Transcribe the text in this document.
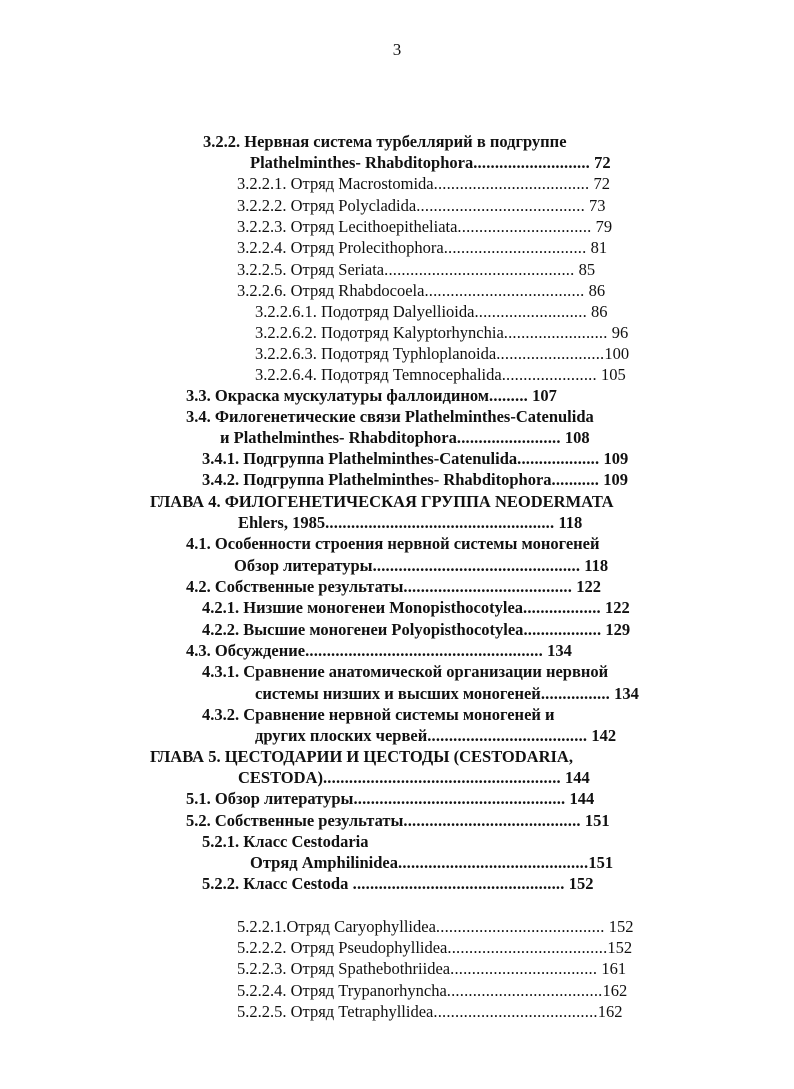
3
3.2.2. Нервная система турбеллярий в подгруппе
Plathelminthes- Rhabditophora........................... 72
3.2.2.1. Отряд Macrostomida.................................... 72
3.2.2.2. Отряд Polycladida....................................... 73
3.2.2.3. Отряд Lecithoepitheliata............................... 79
3.2.2.4. Отряд Prolecithophora................................. 81
3.2.2.5. Отряд Seriata............................................ 85
3.2.2.6. Отряд Rhabdocoela..................................... 86
3.2.2.6.1. Подотряд Dalyellioida.......................... 86
3.2.2.6.2. Подотряд Kalyptorhynchia........................ 96
3.2.2.6.3. Подотряд Typhloplanoida.........................100
3.2.2.6.4. Подотряд Temnocephalida...................... 105
3.3. Окраска мускулатуры фаллоидином......... 107
3.4. Филогенетические связи Plathelminthes-Catenulida
и Plathelminthes- Rhabditophora........................ 108
3.4.1. Подгруппа Plathelminthes-Catenulida................... 109
3.4.2. Подгруппа Plathelminthes- Rhabditophora........... 109
ГЛАВА 4. ФИЛОГЕНЕТИЧЕСКАЯ ГРУППА NEODERMATA
Ehlers, 1985..................................................... 118
4.1. Особенности строения нервной системы моногеней
Обзор литературы................................................ 118
4.2. Собственные результаты....................................... 122
4.2.1. Низшие моногенеи Monopisthocotylea.................. 122
4.2.2. Высшие моногенеи Polyopisthocotylea.................. 129
4.3. Обсуждение....................................................... 134
4.3.1. Сравнение анатомической организации нервной
системы низших и высших моногеней................ 134
4.3.2. Сравнение нервной системы моногеней и
других плоских червей..................................... 142
ГЛАВА 5. ЦЕСТОДАРИИ И ЦЕСТОДЫ (CESTODARIA,
CESTODA)....................................................... 144
5.1. Обзор литературы................................................. 144
5.2. Собственные результаты......................................... 151
5.2.1. Класс Cestodaria
Отряд Amphilinidea............................................151
5.2.2. Класс Cestoda ................................................. 152
5.2.2.1.Отряд Caryophyllidea....................................... 152
5.2.2.2. Отряд Pseudophyllidea.....................................152
5.2.2.3. Отряд Spathebothriidea.................................. 161
5.2.2.4. Отряд Trypanorhyncha....................................162
5.2.2.5. Отряд Tetraphyllidea......................................162
